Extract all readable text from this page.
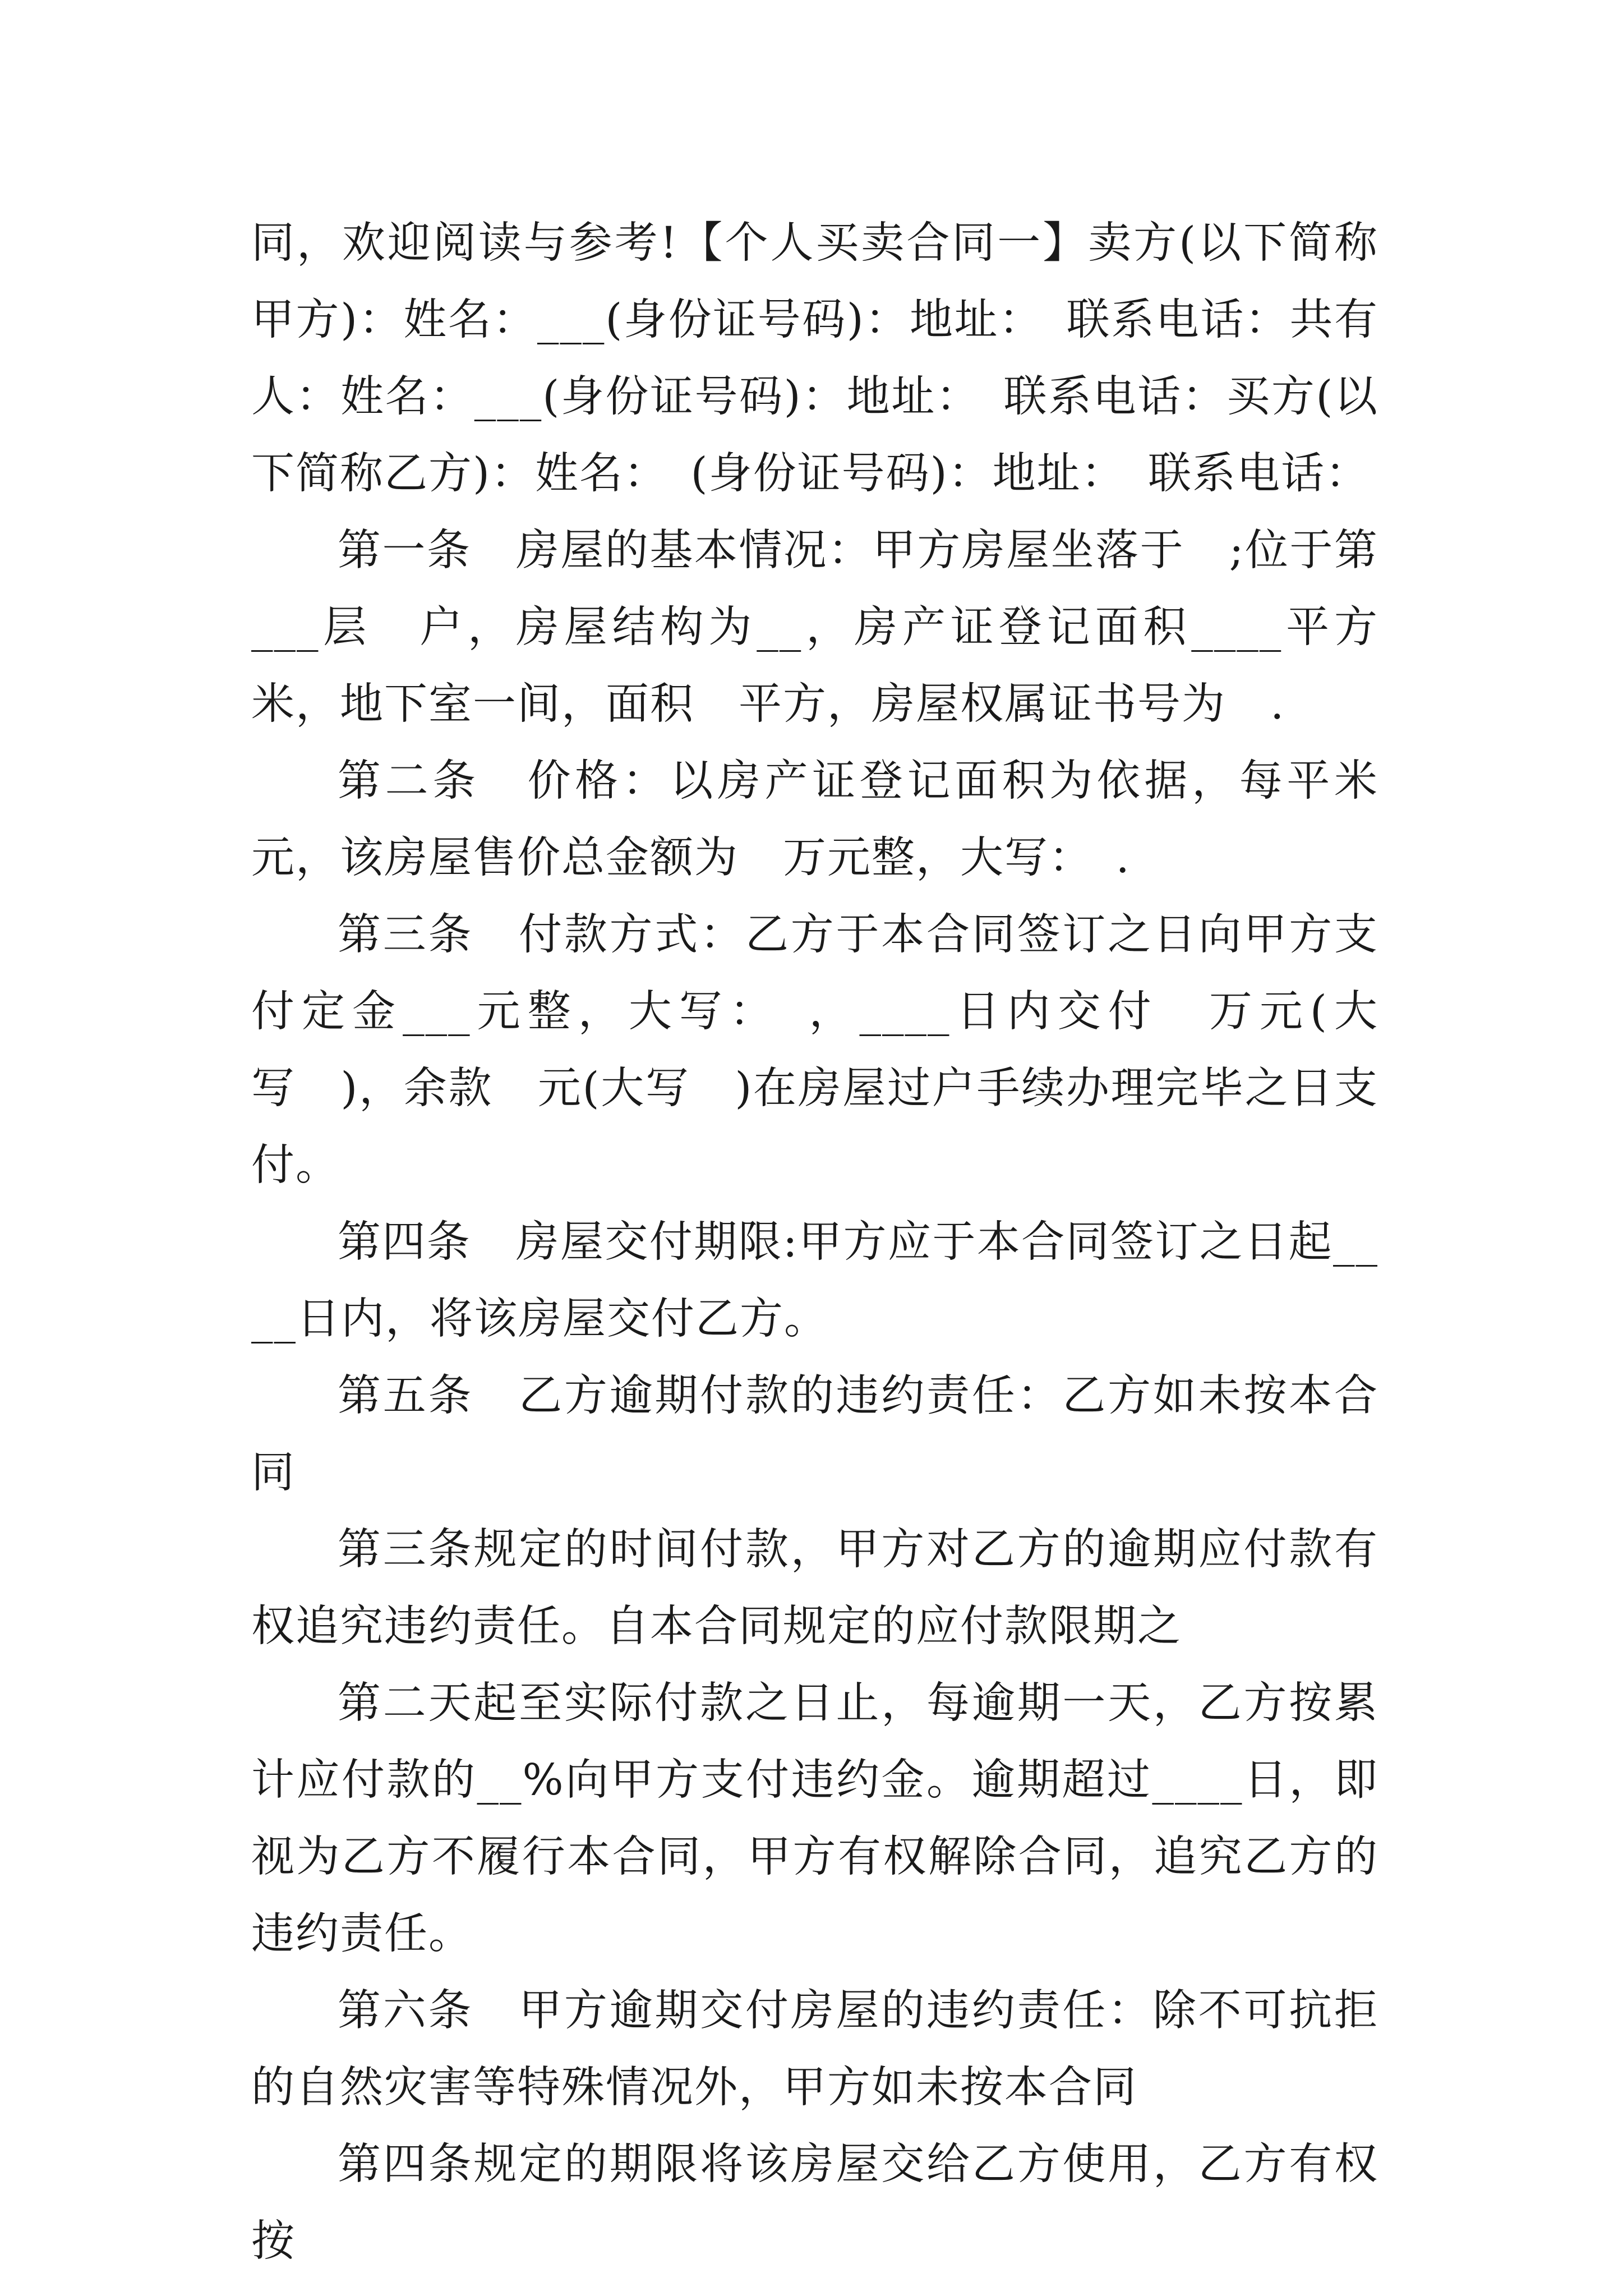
同，欢迎阅读与参考!【个人买卖合同一】卖方(以下简称甲方)：姓名：___(身份证号码)：地址：　联系电话：共有人：姓名：___(身份证号码)：地址：　联系电话：买方(以下简称乙方)：姓名：　(身份证号码)：地址：　联系电话：

第一条　房屋的基本情况：甲方房屋坐落于　;位于第___层　户，房屋结构为__，房产证登记面积____平方米，地下室一间，面积　平方，房屋权属证书号为　.

第二条　价格：以房产证登记面积为依据，每平米　元，该房屋售价总金额为　万元整，大写：　.

第三条　付款方式：乙方于本合同签订之日向甲方支付定金___元整，大写：　，____日内交付　万元(大写　)，余款　元(大写　)在房屋过户手续办理完毕之日支付。

第四条　房屋交付期限:甲方应于本合同签订之日起____日内，将该房屋交付乙方。

第五条　乙方逾期付款的违约责任：乙方如未按本合同

第三条规定的时间付款，甲方对乙方的逾期应付款有权追究违约责任。自本合同规定的应付款限期之

第二天起至实际付款之日止，每逾期一天，乙方按累计应付款的__%向甲方支付违约金。逾期超过____日，即视为乙方不履行本合同，甲方有权解除合同，追究乙方的违约责任。

第六条　甲方逾期交付房屋的违约责任：除不可抗拒的自然灾害等特殊情况外，甲方如未按本合同

第四条规定的期限将该房屋交给乙方使用，乙方有权按
